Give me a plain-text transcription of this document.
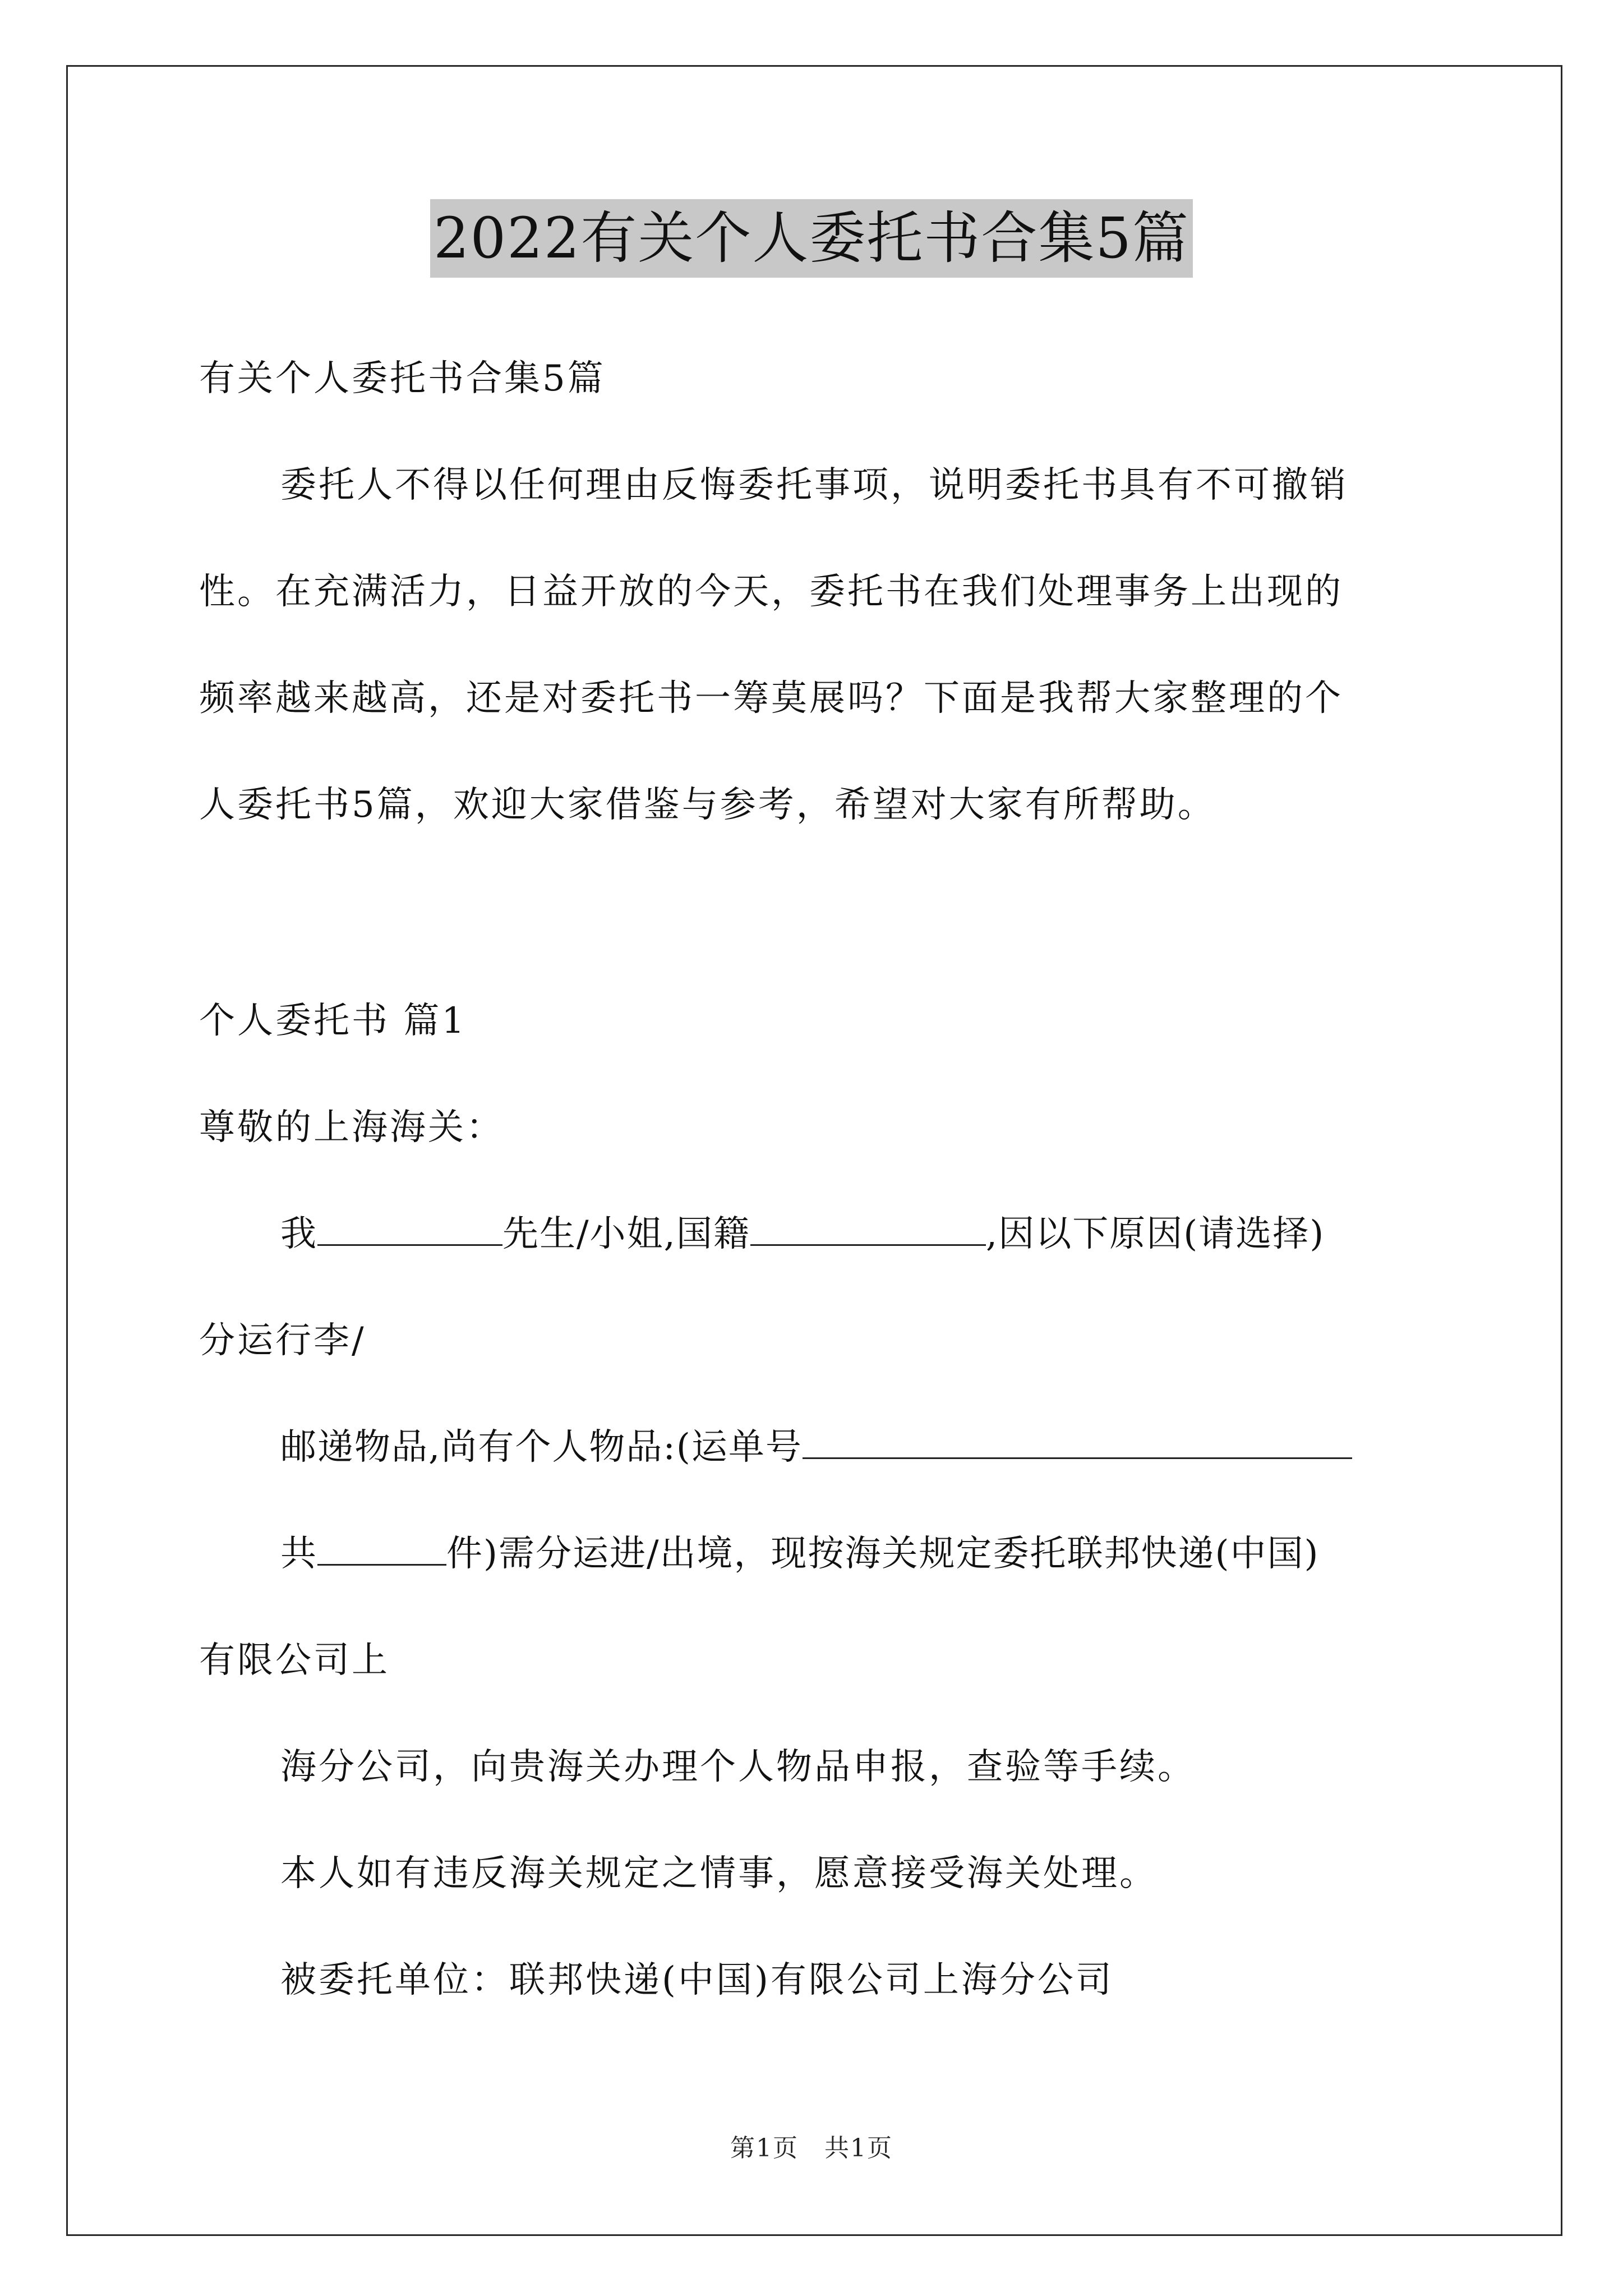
2022有关个人委托书合集5篇
有关个人委托书合集5篇
委托人不得以任何理由反悔委托事项，说明委托书具有不可撤销
性。在充满活力，日益开放的今天，委托书在我们处理事务上出现的
频率越来越高，还是对委托书一筹莫展吗？下面是我帮大家整理的个
人委托书5篇，欢迎大家借鉴与参考，希望对大家有所帮助。
个人委托书 篇1
尊敬的上海海关：
我	先生/小姐,国籍	,因以下原因(请选择)
分运行李/
邮递物品,尚有个人物品:(运单号
共	件)需分运进/出境，现按海关规定委托联邦快递(中国)
有限公司上
海分公司，向贵海关办理个人物品申报，查验等手续。
本人如有违反海关规定之情事，愿意接受海关处理。
被委托单位：联邦快递(中国)有限公司上海分公司
第1页　共1页
